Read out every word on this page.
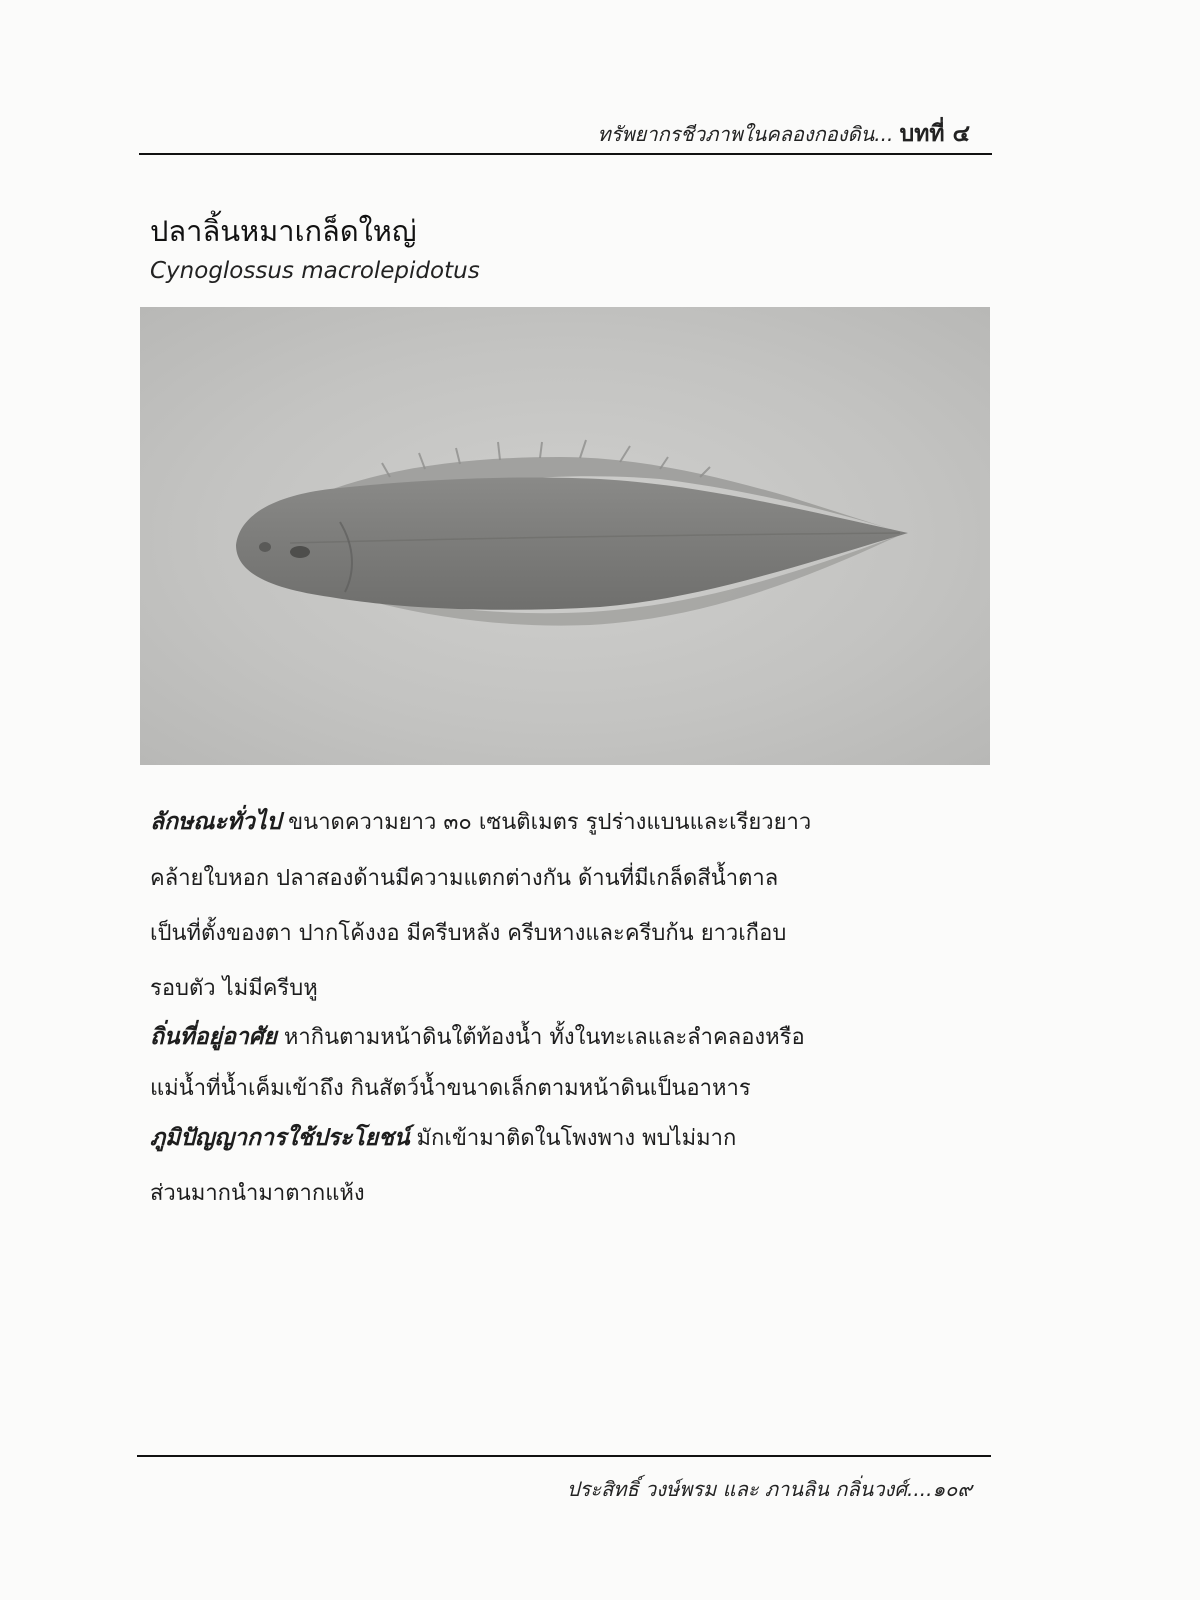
ทรัพยากรชีวภาพในคลองกองดิน... บทที่ ๔
ปลาลิ้นหมาเกล็ดใหญ่
Cynoglossus macrolepidotus
ลักษณะทั่วไป ขนาดความยาว ๓๐ เซนติเมตร รูปร่างแบนและเรียวยาว
คล้ายใบหอก ปลาสองด้านมีความแตกต่างกัน ด้านที่มีเกล็ดสีน้ำตาล
เป็นที่ตั้งของตา ปากโค้งงอ มีครีบหลัง ครีบหางและครีบก้น ยาวเกือบ
รอบตัว ไม่มีครีบหู
ถิ่นที่อยู่อาศัย หากินตามหน้าดินใต้ท้องน้ำ ทั้งในทะเลและลำคลองหรือ
แม่น้ำที่น้ำเค็มเข้าถึง กินสัตว์น้ำขนาดเล็กตามหน้าดินเป็นอาหาร
ภูมิปัญญาการใช้ประโยชน์ มักเข้ามาติดในโพงพาง พบไม่มาก
ส่วนมากนำมาตากแห้ง
ประสิทธิ์ วงษ์พรม และ ภานลิน กลิ่นวงศ์....๑๐๙
